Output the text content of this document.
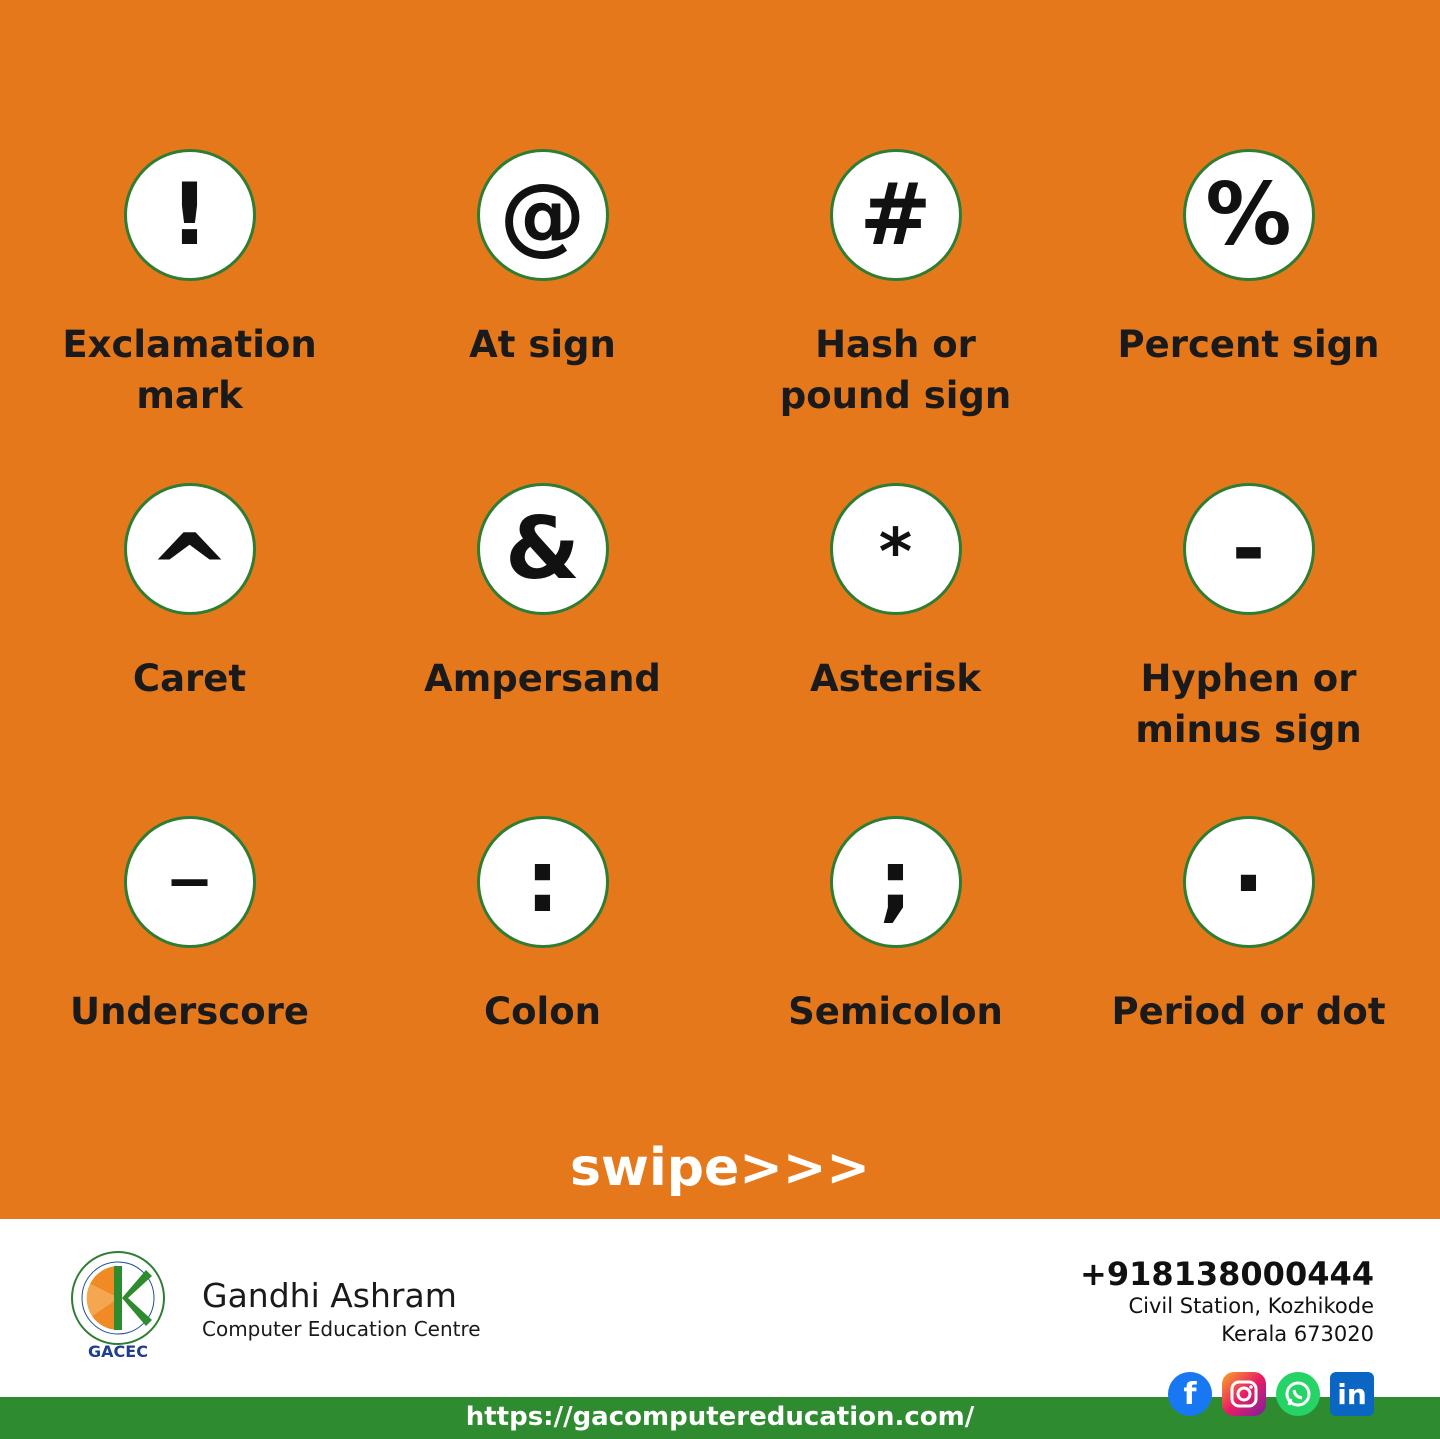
!
Exclamation
mark
@
At sign
#
Hash or
pound sign
%
Percent sign
^
Caret
&
Ampersand
*
Asterisk
-
Hyphen or
minus sign
_
Underscore
:
Colon
;
Semicolon
.
Period or dot
swipe>>>
GACEC
Gandhi Ashram
Computer Education Centre
+918138000444
Civil Station, Kozhikode
Kerala 673020
https://gacomputereducation.com/
f	in
